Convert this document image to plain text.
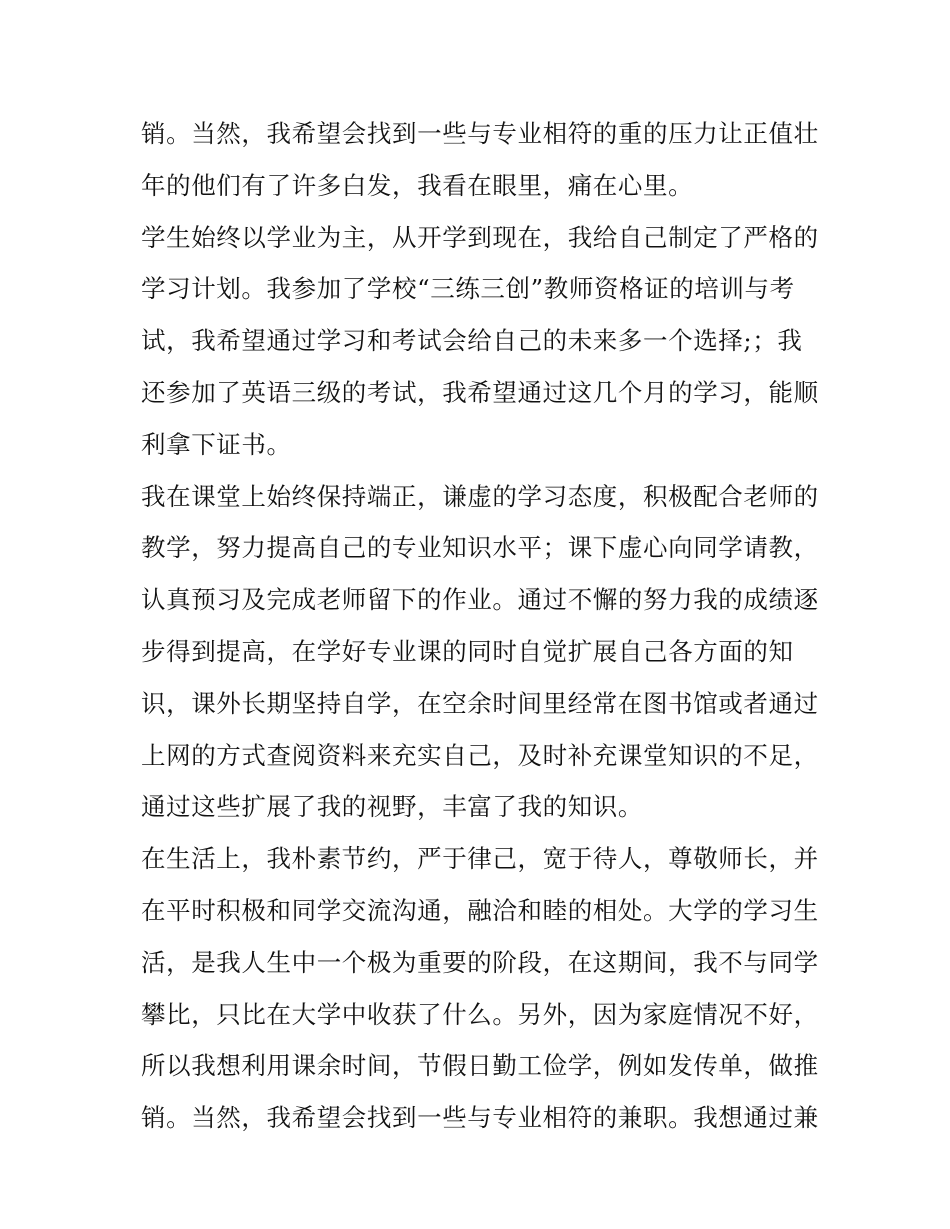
销。当然，我希望会找到一些与专业相符的重的压力让正值壮
年的他们有了许多白发，我看在眼里，痛在心里。
学生始终以学业为主，从开学到现在，我给自己制定了严格的
学习计划。我参加了学校“三练三创”教师资格证的培训与考
试，我希望通过学习和考试会给自己的未来多一个选择;；我
还参加了英语三级的考试，我希望通过这几个月的学习，能顺
利拿下证书。
我在课堂上始终保持端正，谦虚的学习态度，积极配合老师的
教学，努力提高自己的专业知识水平；课下虚心向同学请教，
认真预习及完成老师留下的作业。通过不懈的努力我的成绩逐
步得到提高，在学好专业课的同时自觉扩展自己各方面的知
识，课外长期坚持自学，在空余时间里经常在图书馆或者通过
上网的方式查阅资料来充实自己，及时补充课堂知识的不足，
通过这些扩展了我的视野，丰富了我的知识。
在生活上，我朴素节约，严于律己，宽于待人，尊敬师长，并
在平时积极和同学交流沟通，融洽和睦的相处。大学的学习生
活，是我人生中一个极为重要的阶段，在这期间，我不与同学
攀比，只比在大学中收获了什么。另外，因为家庭情况不好，
所以我想利用课余时间，节假日勤工俭学，例如发传单，做推
销。当然，我希望会找到一些与专业相符的兼职。我想通过兼
